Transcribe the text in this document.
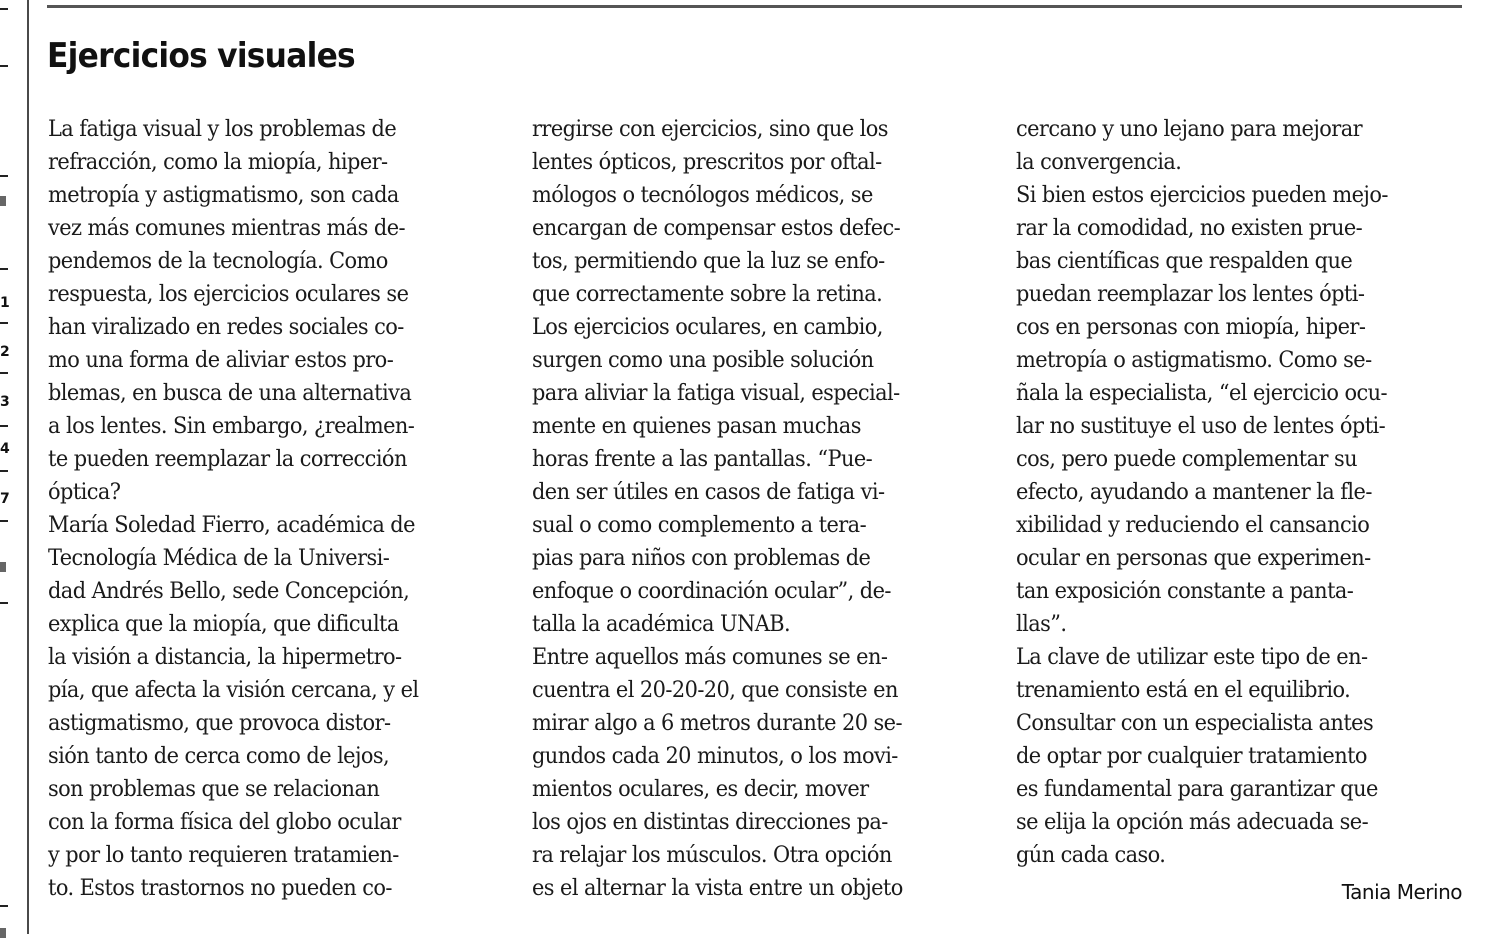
1
2
3
4
7
Ejercicios visuales
La fatiga visual y los problemas de
refracción, como la miopía, hiper-
metropía y astigmatismo, son cada
vez más comunes mientras más de-
pendemos de la tecnología. Como
respuesta, los ejercicios oculares se
han viralizado en redes sociales co-
mo una forma de aliviar estos pro-
blemas, en busca de una alternativa
a los lentes. Sin embargo, ¿realmen-
te pueden reemplazar la corrección
óptica?
María Soledad Fierro, académica de
Tecnología Médica de la Universi-
dad Andrés Bello, sede Concepción,
explica que la miopía, que dificulta
la visión a distancia, la hipermetro-
pía, que afecta la visión cercana, y el
astigmatismo, que provoca distor-
sión tanto de cerca como de lejos,
son problemas que se relacionan
con la forma física del globo ocular
y por lo tanto requieren tratamien-
to. Estos trastornos no pueden co-
rregirse con ejercicios, sino que los
lentes ópticos, prescritos por oftal-
mólogos o tecnólogos médicos, se
encargan de compensar estos defec-
tos, permitiendo que la luz se enfo-
que correctamente sobre la retina.
Los ejercicios oculares, en cambio,
surgen como una posible solución
para aliviar la fatiga visual, especial-
mente en quienes pasan muchas
horas frente a las pantallas. “Pue-
den ser útiles en casos de fatiga vi-
sual o como complemento a tera-
pias para niños con problemas de
enfoque o coordinación ocular”, de-
talla la académica UNAB.
Entre aquellos más comunes se en-
cuentra el 20-20-20, que consiste en
mirar algo a 6 metros durante 20 se-
gundos cada 20 minutos, o los movi-
mientos oculares, es decir, mover
los ojos en distintas direcciones pa-
ra relajar los músculos. Otra opción
es el alternar la vista entre un objeto
cercano y uno lejano para mejorar
la convergencia.
Si bien estos ejercicios pueden mejo-
rar la comodidad, no existen prue-
bas científicas que respalden que
puedan reemplazar los lentes ópti-
cos en personas con miopía, hiper-
metropía o astigmatismo. Como se-
ñala la especialista, “el ejercicio ocu-
lar no sustituye el uso de lentes ópti-
cos, pero puede complementar su
efecto, ayudando a mantener la fle-
xibilidad y reduciendo el cansancio
ocular en personas que experimen-
tan exposición constante a panta-
llas”.
La clave de utilizar este tipo de en-
trenamiento está en el equilibrio.
Consultar con un especialista antes
de optar por cualquier tratamiento
es fundamental para garantizar que
se elija la opción más adecuada se-
gún cada caso.
Tania Merino
